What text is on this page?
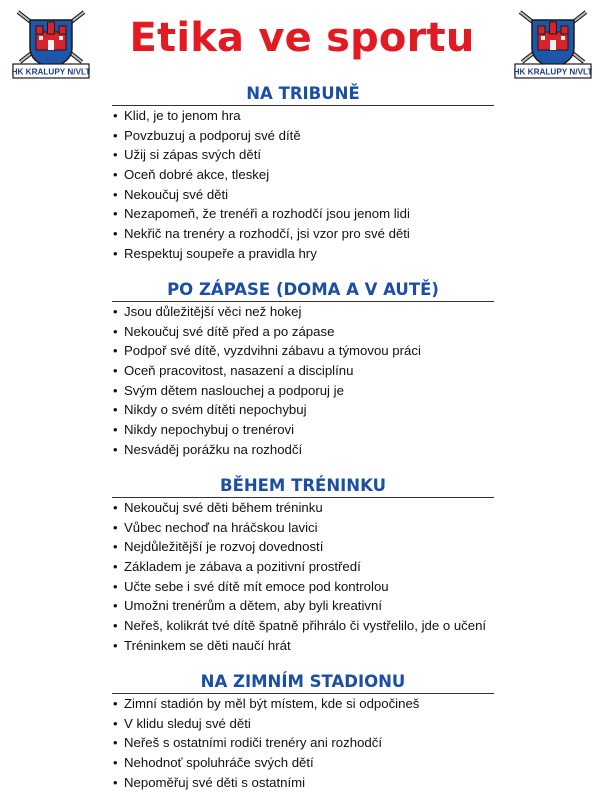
HK KRALUPY N/VLT
Etika ve sportu
HK KRALUPY N/VLT
NA TRIBUNĚ
• Klid, je to jenom hra
• Povzbuzuj a podporuj své dítě
• Užij si zápas svých dětí
• Oceň dobré akce, tleskej
• Nekoučuj své děti
• Nezapomeň, že trenéři a rozhodčí jsou jenom lidi
• Nekřič na trenéry a rozhodčí, jsi vzor pro své děti
• Respektuj soupeře a pravidla hry
PO ZÁPASE (DOMA A V AUTĚ)
• Jsou důležitější věci než hokej
• Nekoučuj své dítě před a po zápase
• Podpoř své dítě, vyzdvihni zábavu a týmovou práci
• Oceň pracovitost, nasazení a disciplínu
• Svým dětem naslouchej a podporuj je
• Nikdy o svém dítěti nepochybuj
• Nikdy nepochybuj o trenérovi
• Nesváděj porážku na rozhodčí
BĚHEM TRÉNINKU
• Nekoučuj své děti během tréninku
• Vůbec nechoď na hráčskou lavici
• Nejdůležitější je rozvoj dovedností
• Základem je zábava a pozitivní prostředí
• Učte sebe i své dítě mít emoce pod kontrolou
• Umožni trenérům a dětem, aby byli kreativní
• Neřeš, kolikrát tvé dítě špatně přihrálo či vystřelilo, jde o učení
• Tréninkem se děti naučí hrát
NA ZIMNÍM STADIONU
• Zimní stadión by měl být místem, kde si odpočineš
• V klidu sleduj své děti
• Neřeš s ostatními rodiči trenéry ani rozhodčí
• Nehodnoť spoluhráče svých dětí
• Nepoměřuj své děti s ostatními
